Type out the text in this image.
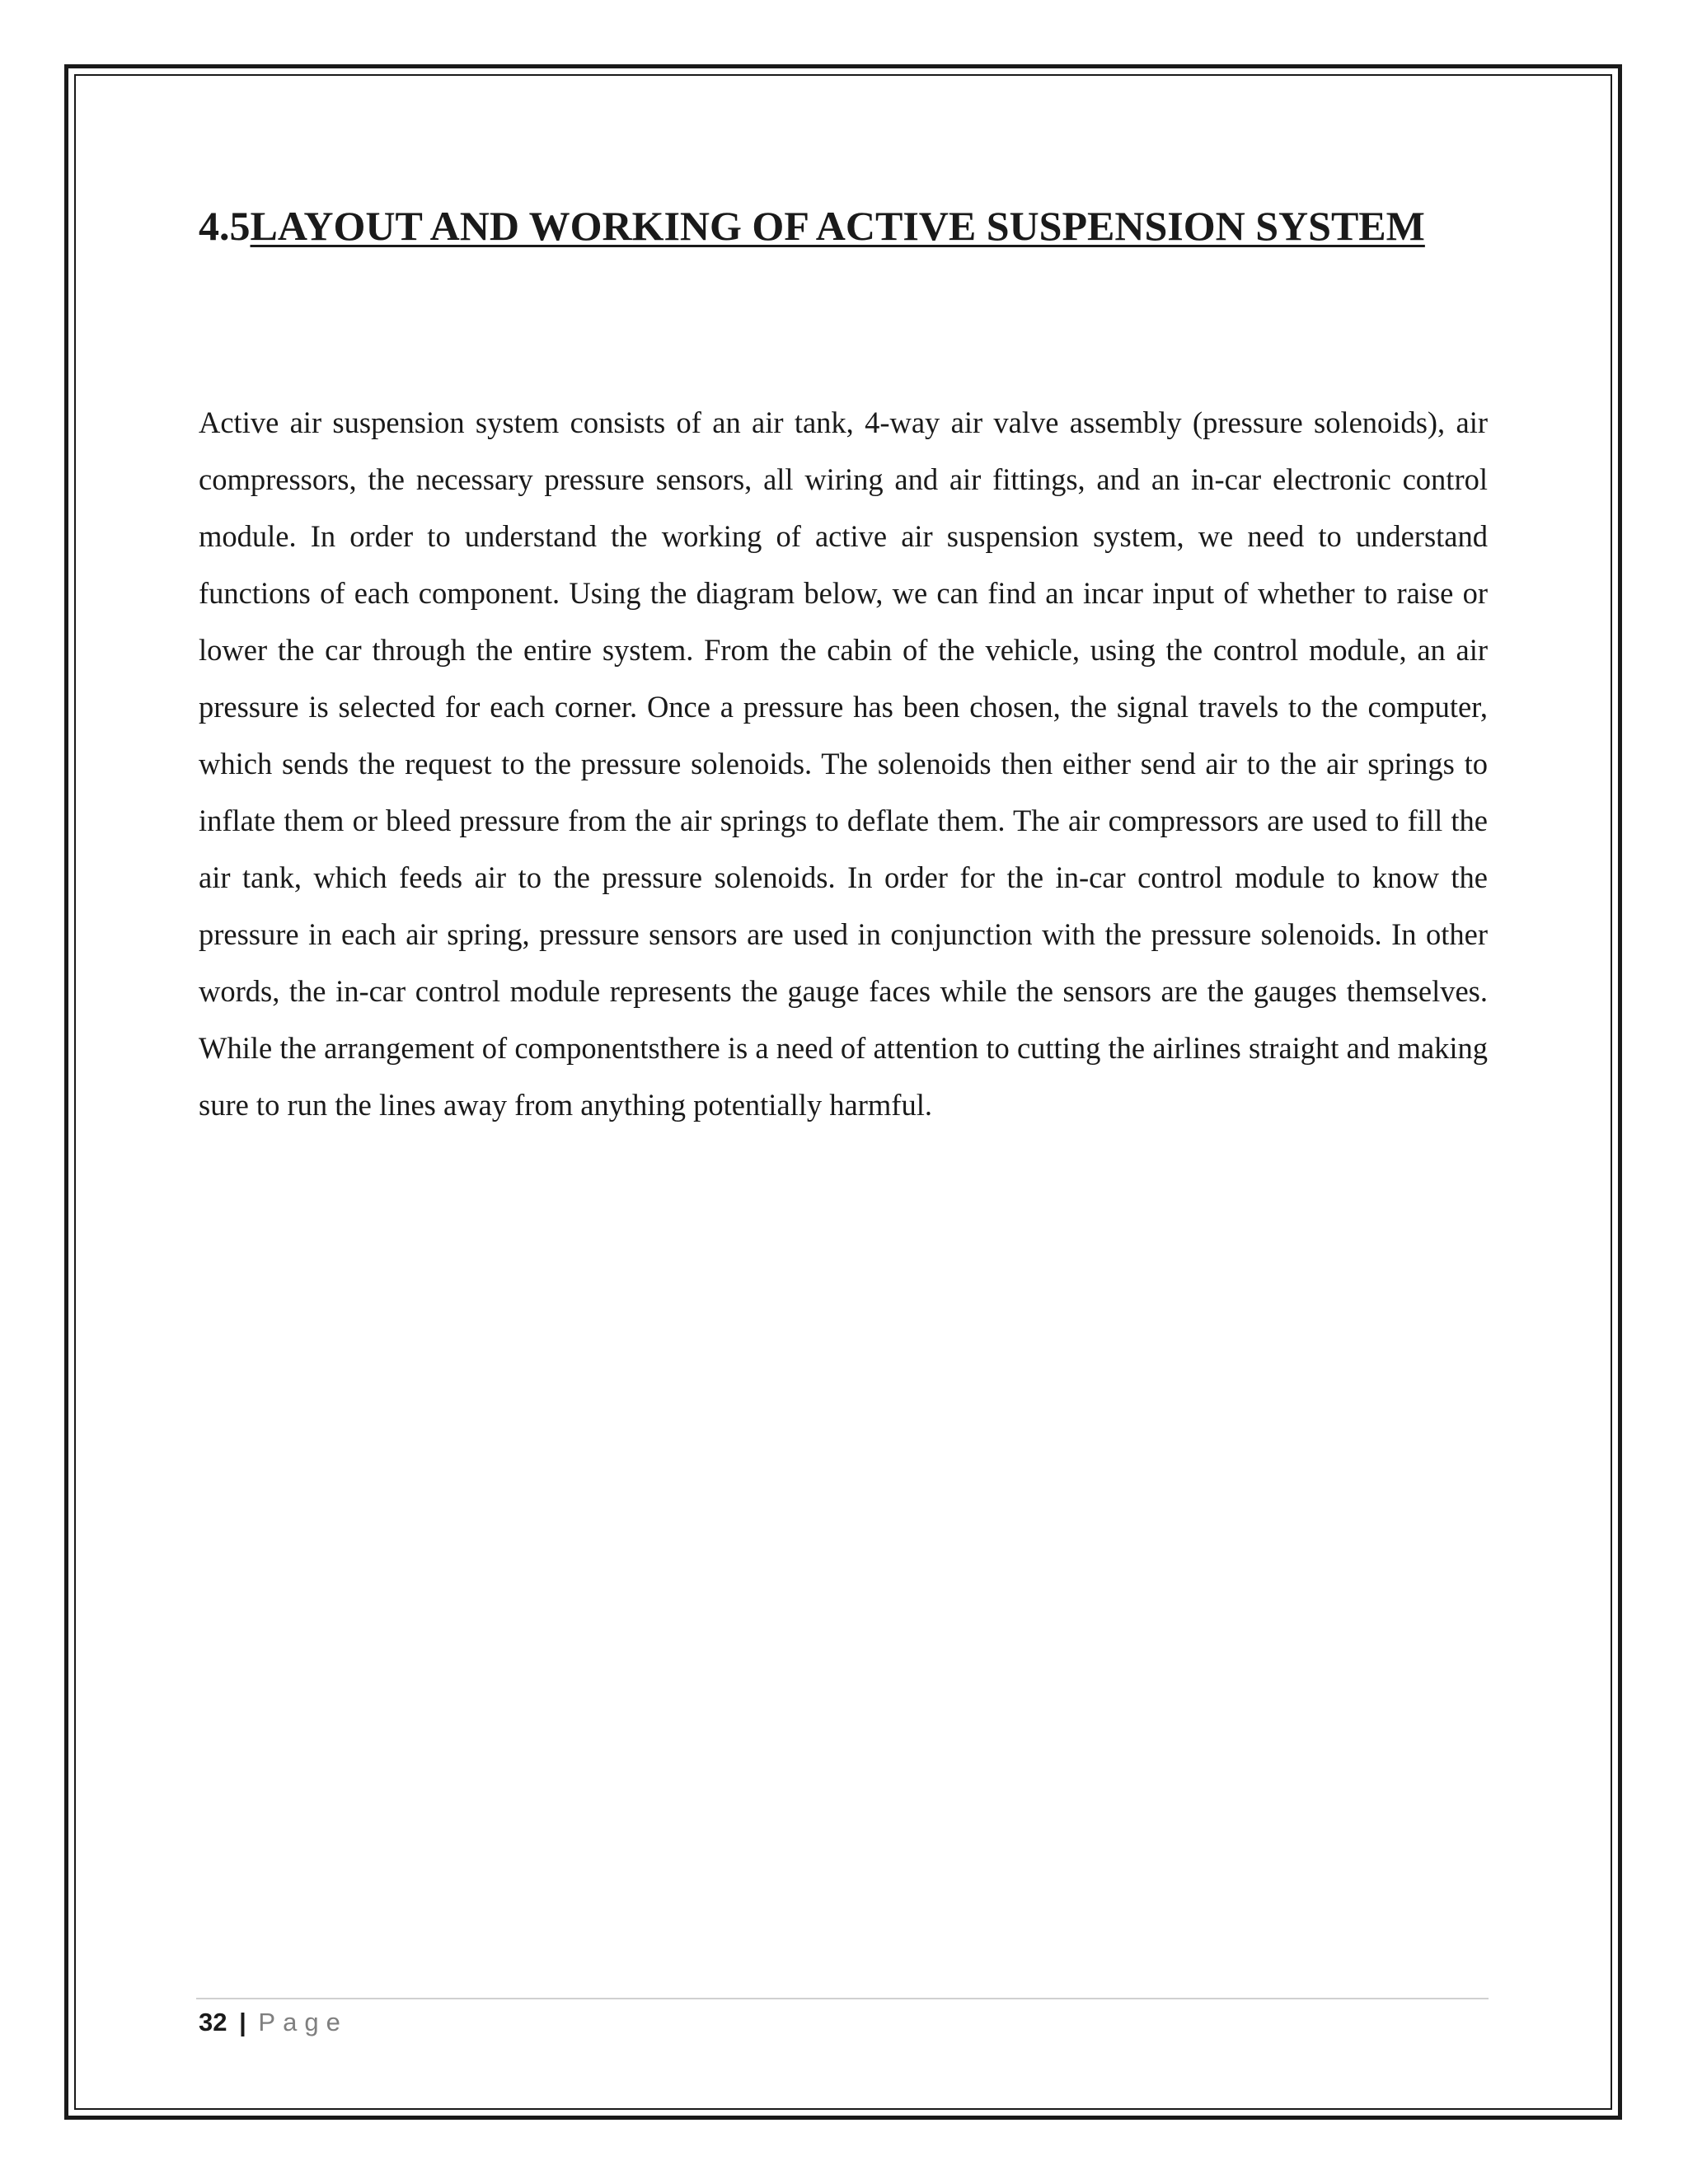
4.5LAYOUT AND WORKING OF ACTIVE SUSPENSION SYSTEM

Active air suspension system consists of an air tank, 4-way air valve assembly (pressure solenoids), air compressors, the necessary pressure sensors, all wiring and air fittings, and an in-car electronic control module. In order to understand the working of active air suspension system, we need to understand functions of each component. Using the diagram below, we can find an incar input of whether to raise or lower the car through the entire system. From the cabin of the vehicle, using the control module, an air pressure is selected for each corner. Once a pressure has been chosen, the signal travels to the computer, which sends the request to the pressure solenoids. The solenoids then either send air to the air springs to inflate them or bleed pressure from the air springs to deflate them. The air compressors are used to fill the air tank, which feeds air to the pressure solenoids. In order for the in-car control module to know the pressure in each air spring, pressure sensors are used in conjunction with the pressure solenoids. In other words, the in-car control module represents the gauge faces while the sensors are the gauges themselves. While the arrangement of componentsthere is a need of attention to cutting the airlines straight and making sure to run the lines away from anything potentially harmful.

32 | Page
